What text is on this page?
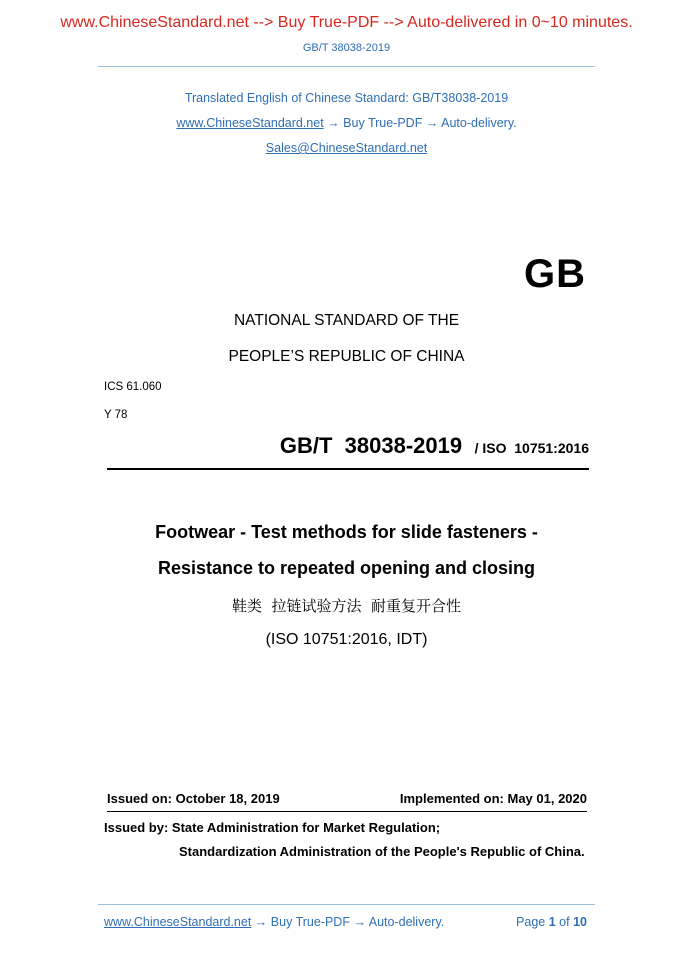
www.ChineseStandard.net --> Buy True-PDF --> Auto-delivered in 0~10 minutes.
GB/T 38038-2019
Translated English of Chinese Standard: GB/T38038-2019
www.ChineseStandard.net → Buy True-PDF → Auto-delivery.
Sales@ChineseStandard.net
GB
NATIONAL STANDARD OF THE
PEOPLE’S REPUBLIC OF CHINA
ICS 61.060
Y 78
GB/T  38038-2019 / ISO  10751:2016
Footwear - Test methods for slide fasteners -
Resistance to repeated opening and closing
鞋类  拉链试验方法  耐重复开合性
(ISO 10751:2016, IDT)
Issued on: October 18, 2019	Implemented on: May 01, 2020
Issued by: State Administration for Market Regulation;
Standardization Administration of the People's Republic of China.
www.ChineseStandard.net → Buy True-PDF → Auto-delivery.	Page 1 of 10
